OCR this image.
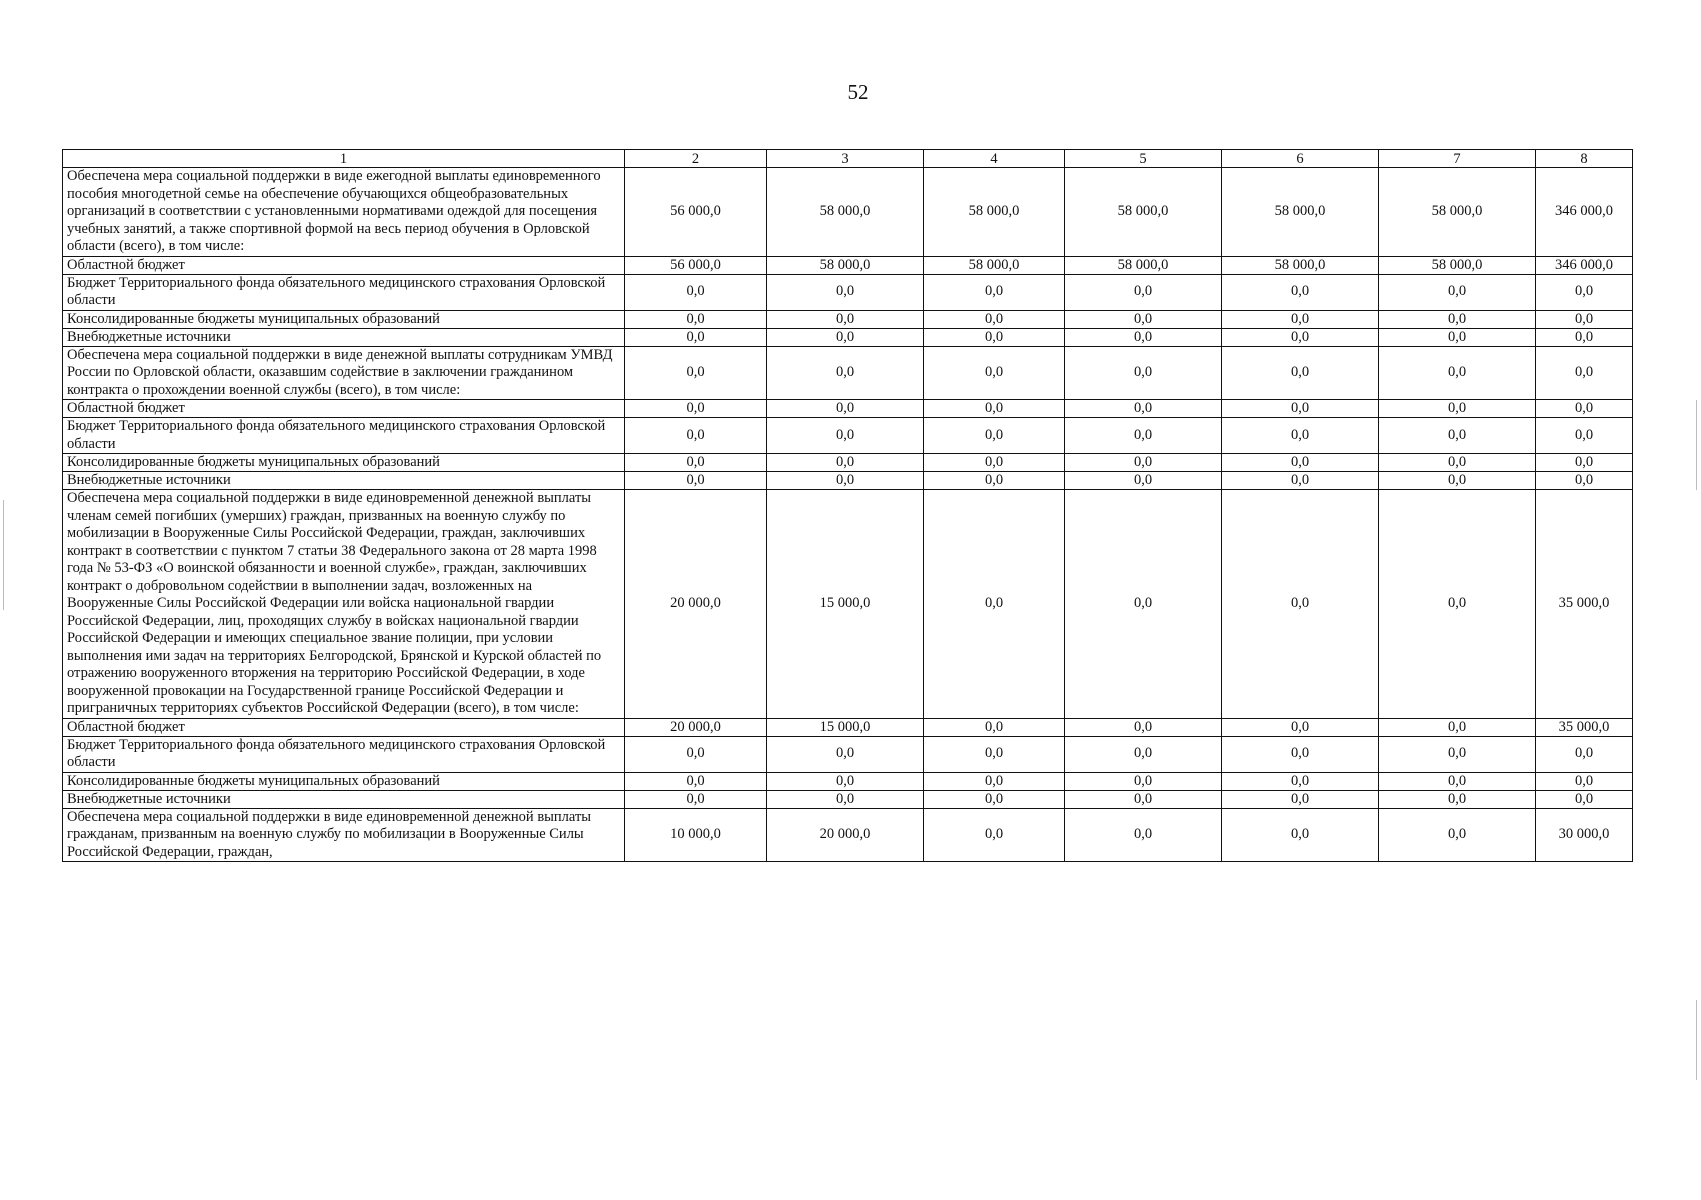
52
1	2	3	4	5	6	7	8
Обеспечена мера социальной поддержки в виде ежегодной выплаты единовременного пособия многодетной семье на обеспечение обучающихся общеобразовательных организаций в соответствии с установленными нормативами одеждой для посещения учебных занятий, а также спортивной формой на весь период обучения в Орловской области (всего), в том числе:	56 000,0	58 000,0	58 000,0	58 000,0	58 000,0	58 000,0	346 000,0
Областной бюджет	56 000,0	58 000,0	58 000,0	58 000,0	58 000,0	58 000,0	346 000,0
Бюджет Территориального фонда обязательного медицинского страхования Орловской области	0,0	0,0	0,0	0,0	0,0	0,0	0,0
Консолидированные бюджеты муниципальных образований	0,0	0,0	0,0	0,0	0,0	0,0	0,0
Внебюджетные источники	0,0	0,0	0,0	0,0	0,0	0,0	0,0
Обеспечена мера социальной поддержки в виде денежной выплаты сотрудникам УМВД России по Орловской области, оказавшим содействие в заключении гражданином контракта о прохождении военной службы (всего), в том числе:	0,0	0,0	0,0	0,0	0,0	0,0	0,0
Областной бюджет	0,0	0,0	0,0	0,0	0,0	0,0	0,0
Бюджет Территориального фонда обязательного медицинского страхования Орловской области	0,0	0,0	0,0	0,0	0,0	0,0	0,0
Консолидированные бюджеты муниципальных образований	0,0	0,0	0,0	0,0	0,0	0,0	0,0
Внебюджетные источники	0,0	0,0	0,0	0,0	0,0	0,0	0,0
Обеспечена мера социальной поддержки в виде единовременной денежной выплаты членам семей погибших (умерших) граждан, призванных на военную службу по мобилизации в Вооруженные Силы Российской Федерации, граждан, заключивших контракт в соответствии с пунктом 7 статьи 38 Федерального закона от 28 марта 1998 года № 53-ФЗ «О воинской обязанности и военной службе», граждан, заключивших контракт о добровольном содействии в выполнении задач, возложенных на Вооруженные Силы Российской Федерации или войска национальной гвардии Российской Федерации, лиц, проходящих службу в войсках национальной гвардии Российской Федерации и имеющих специальное звание полиции, при условии выполнения ими задач на территориях Белгородской, Брянской и Курской областей по отражению вооруженного вторжения на территорию Российской Федерации, в ходе вооруженной провокации на Государственной границе Российской Федерации и приграничных территориях субъектов Российской Федерации (всего), в том числе:	20 000,0	15 000,0	0,0	0,0	0,0	0,0	35 000,0
Областной бюджет	20 000,0	15 000,0	0,0	0,0	0,0	0,0	35 000,0
Бюджет Территориального фонда обязательного медицинского страхования Орловской области	0,0	0,0	0,0	0,0	0,0	0,0	0,0
Консолидированные бюджеты муниципальных образований	0,0	0,0	0,0	0,0	0,0	0,0	0,0
Внебюджетные источники	0,0	0,0	0,0	0,0	0,0	0,0	0,0
Обеспечена мера социальной поддержки в виде единовременной денежной выплаты гражданам, призванным на военную службу по мобилизации в Вооруженные Силы Российской Федерации, граждан,	10 000,0	20 000,0	0,0	0,0	0,0	0,0	30 000,0
